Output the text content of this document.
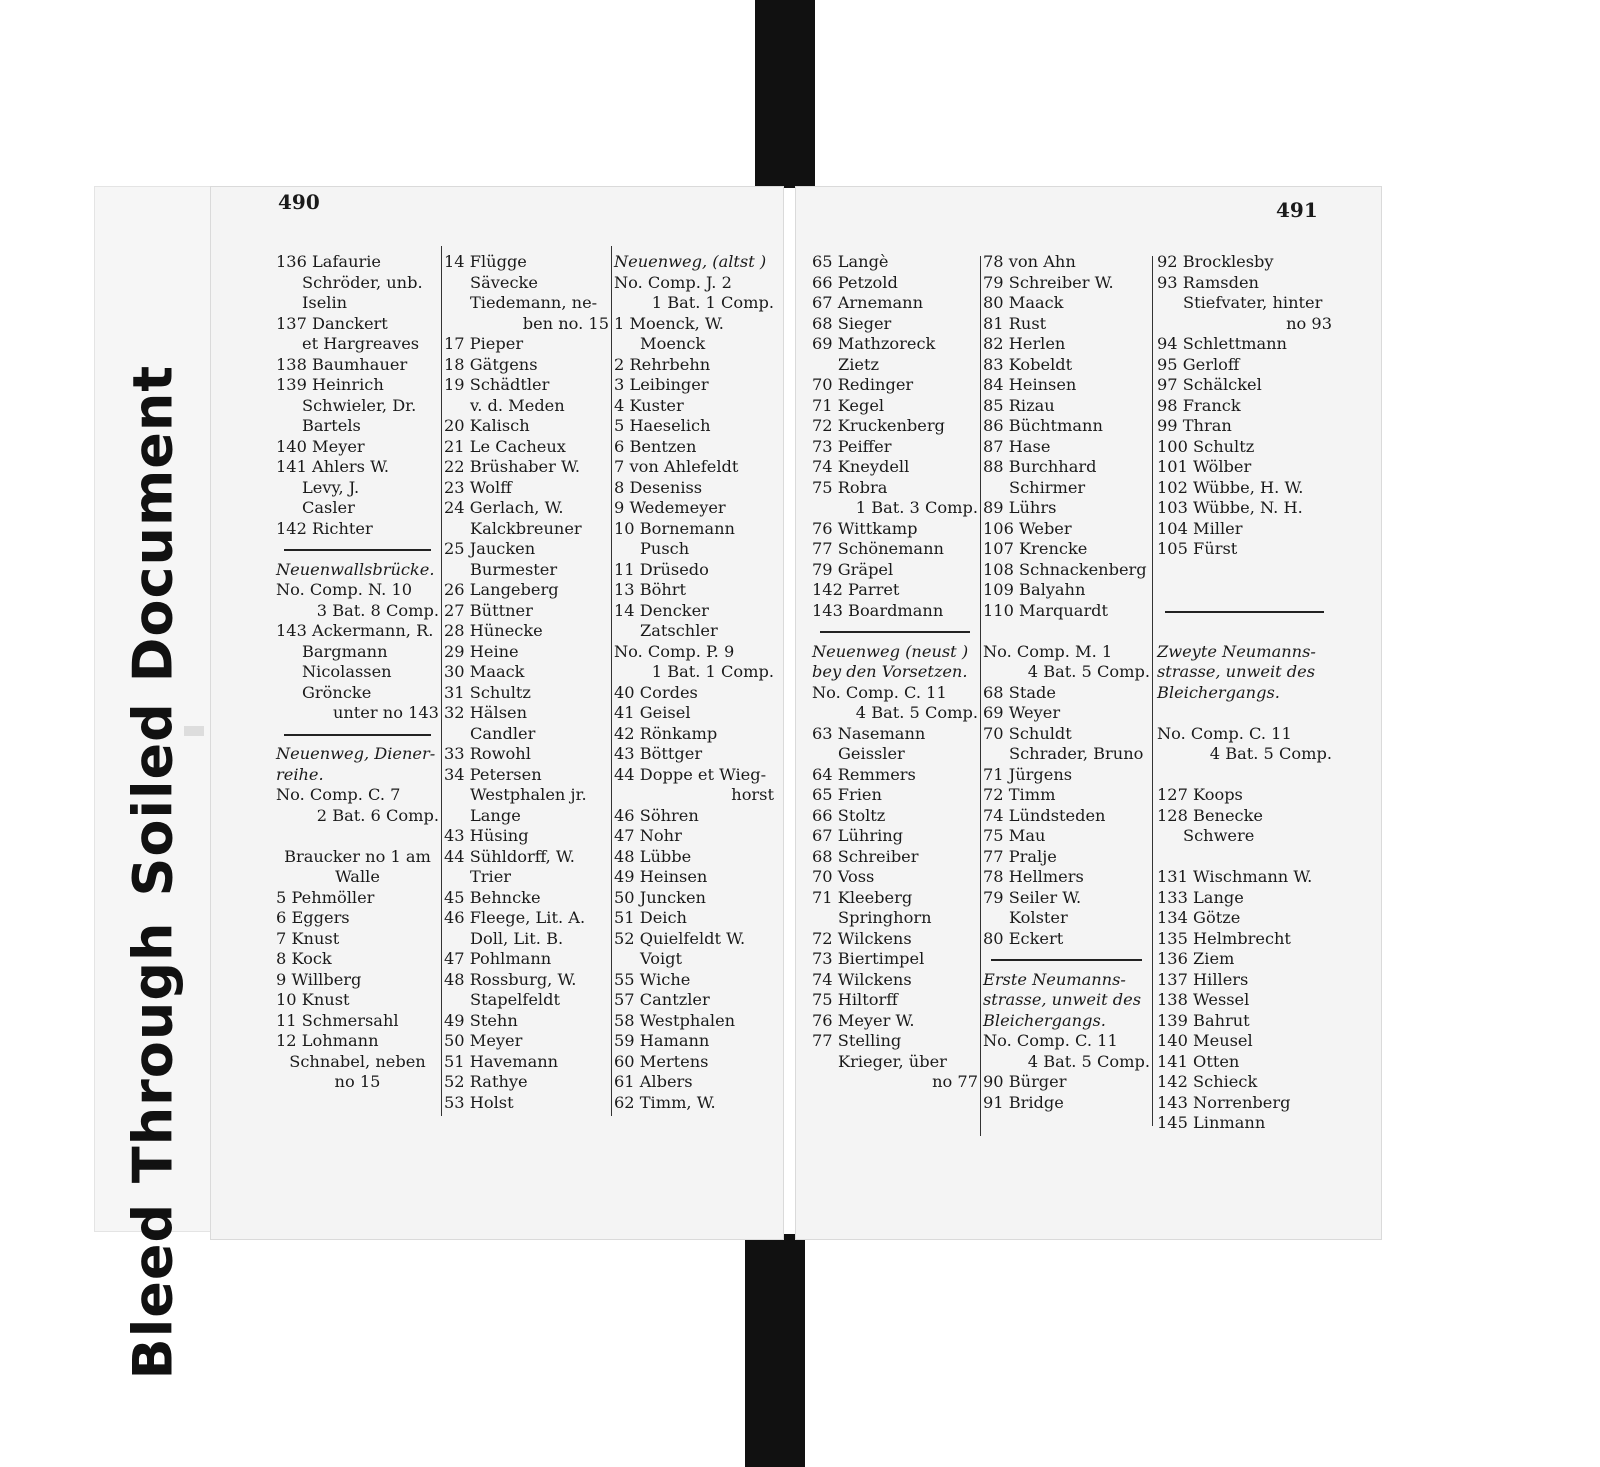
Soiled Document
Bleed Through
490	491
136 Lafaurie
Schröder, unb.
Iselin
137 Danckert
et Hargreaves
138 Baumhauer
139 Heinrich
Schwieler, Dr.
Bartels
140 Meyer
141 Ahlers W.
Levy, J.
Casler
142 Richter
Neuenwallsbrücke.
No. Comp. N. 10
3 Bat. 8 Comp.
143 Ackermann, R.
Bargmann
Nicolassen
Gröncke
unter no 143
Neuenweg, Diener-
reihe.
No. Comp. C. 7
2 Bat. 6 Comp.
Braucker no 1 am
Walle
5 Pehmöller
6 Eggers
7 Knust
8 Kock
9 Willberg
10 Knust
11 Schmersahl
12 Lohmann
Schnabel, neben
no 15
14 Flügge
Sävecke
Tiedemann, ne-
ben no. 15
17 Pieper
18 Gätgens
19 Schädtler
v. d. Meden
20 Kalisch
21 Le Cacheux
22 Brüshaber W.
23 Wolff
24 Gerlach, W.
Kalckbreuner
25 Jaucken
Burmester
26 Langeberg
27 Büttner
28 Hünecke
29 Heine
30 Maack
31 Schultz
32 Hälsen
Candler
33 Rowohl
34 Petersen
Westphalen jr.
Lange
43 Hüsing
44 Sühldorff, W.
Trier
45 Behncke
46 Fleege, Lit. A.
Doll, Lit. B.
47 Pohlmann
48 Rossburg, W.
Stapelfeldt
49 Stehn
50 Meyer
51 Havemann
52 Rathye
53 Holst
Neuenweg, (altst )
No. Comp. J. 2
1 Bat. 1 Comp.
1 Moenck, W.
Moenck
2 Rehrbehn
3 Leibinger
4 Kuster
5 Haeselich
6 Bentzen
7 von Ahlefeldt
8 Deseniss
9 Wedemeyer
10 Bornemann
Pusch
11 Drüsedo
13 Böhrt
14 Dencker
Zatschler
No. Comp. P. 9
1 Bat. 1 Comp.
40 Cordes
41 Geisel
42 Rönkamp
43 Böttger
44 Doppe et Wieg-
horst
46 Söhren
47 Nohr
48 Lübbe
49 Heinsen
50 Juncken
51 Deich
52 Quielfeldt W.
Voigt
55 Wiche
57 Cantzler
58 Westphalen
59 Hamann
60 Mertens
61 Albers
62 Timm, W.
65 Langè
66 Petzold
67 Arnemann
68 Sieger
69 Mathzoreck
Zietz
70 Redinger
71 Kegel
72 Kruckenberg
73 Peiffer
74 Kneydell
75 Robra
1 Bat. 3 Comp.
76 Wittkamp
77 Schönemann
79 Gräpel
142 Parret
143 Boardmann
Neuenweg (neust )
bey den Vorsetzen.
No. Comp. C. 11
4 Bat. 5 Comp.
63 Nasemann
Geissler
64 Remmers
65 Frien
66 Stoltz
67 Lühring
68 Schreiber
70 Voss
71 Kleeberg
Springhorn
72 Wilckens
73 Biertimpel
74 Wilckens
75 Hiltorff
76 Meyer W.
77 Stelling
Krieger, über
no 77
78 von Ahn
79 Schreiber W.
80 Maack
81 Rust
82 Herlen
83 Kobeldt
84 Heinsen
85 Rizau
86 Büchtmann
87 Hase
88 Burchhard
Schirmer
89 Lührs
106 Weber
107 Krencke
108 Schnackenberg
109 Balyahn
110 Marquardt
No. Comp. M. 1
4 Bat. 5 Comp.
68 Stade
69 Weyer
70 Schuldt
Schrader, Bruno
71 Jürgens
72 Timm
74 Lündsteden
75 Mau
77 Pralje
78 Hellmers
79 Seiler W.
Kolster
80 Eckert
Erste Neumanns-
strasse, unweit des
Bleichergangs.
No. Comp. C. 11
4 Bat. 5 Comp.
90 Bürger
91 Bridge
92 Brocklesby
93 Ramsden
Stiefvater, hinter
no 93
94 Schlettmann
95 Gerloff
97 Schälckel
98 Franck
99 Thran
100 Schultz
101 Wölber
102 Wübbe, H. W.
103 Wübbe, N. H.
104 Miller
105 Fürst
Zweyte Neumanns-
strasse, unweit des
Bleichergangs.
No. Comp. C. 11
4 Bat. 5 Comp.
127 Koops
128 Benecke
Schwere
131 Wischmann W.
133 Lange
134 Götze
135 Helmbrecht
136 Ziem
137 Hillers
138 Wessel
139 Bahrut
140 Meusel
141 Otten
142 Schieck
143 Norrenberg
145 Linmann
